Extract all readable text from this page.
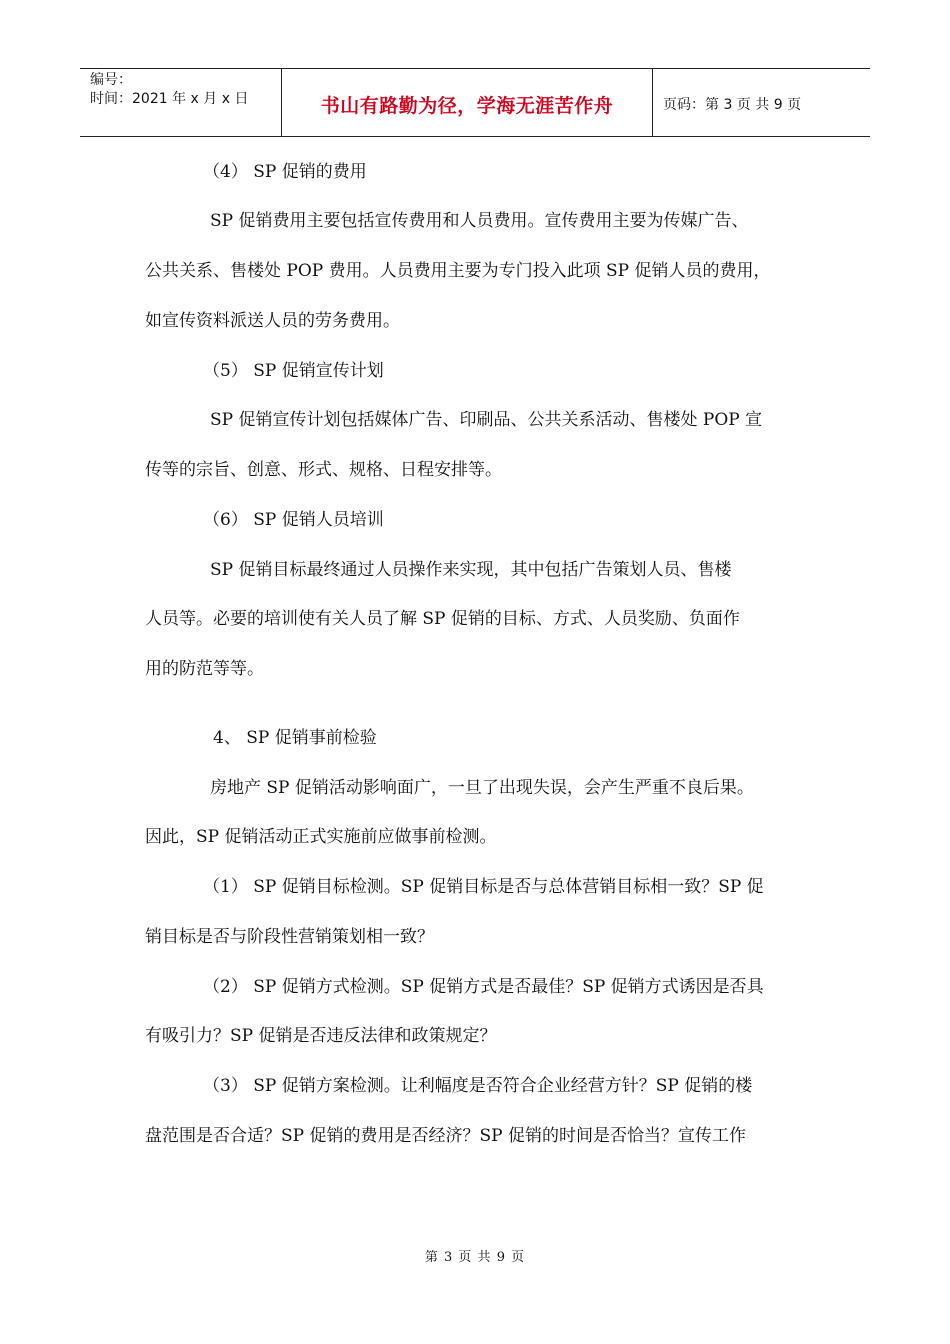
编号：
时间：2021 年 x 月 x 日	书山有路勤为径，学海无涯苦作舟	页码：第 3 页 共 9 页
（4） SP 促销的费用
SP 促销费用主要包括宣传费用和人员费用。宣传费用主要为传媒广告、
公共关系、售楼处 POP 费用。人员费用主要为专门投入此项 SP 促销人员的费用，
如宣传资料派送人员的劳务费用。
（5） SP 促销宣传计划
SP 促销宣传计划包括媒体广告、印刷品、公共关系活动、售楼处 POP 宣
传等的宗旨、创意、形式、规格、日程安排等。
（6） SP 促销人员培训
SP 促销目标最终通过人员操作来实现，其中包括广告策划人员、售楼
人员等。必要的培训使有关人员了解 SP 促销的目标、方式、人员奖励、负面作
用的防范等等。
4、 SP 促销事前检验
房地产 SP 促销活动影响面广，一旦了出现失误，会产生严重不良后果。
因此，SP 促销活动正式实施前应做事前检测。
（1） SP 促销目标检测。SP 促销目标是否与总体营销目标相一致？SP 促
销目标是否与阶段性营销策划相一致？
（2） SP 促销方式检测。SP 促销方式是否最佳？SP 促销方式诱因是否具
有吸引力？SP 促销是否违反法律和政策规定？
（3） SP 促销方案检测。让利幅度是否符合企业经营方针？SP 促销的楼
盘范围是否合适？SP 促销的费用是否经济？SP 促销的时间是否恰当？宣传工作
第 3 页 共 9 页
